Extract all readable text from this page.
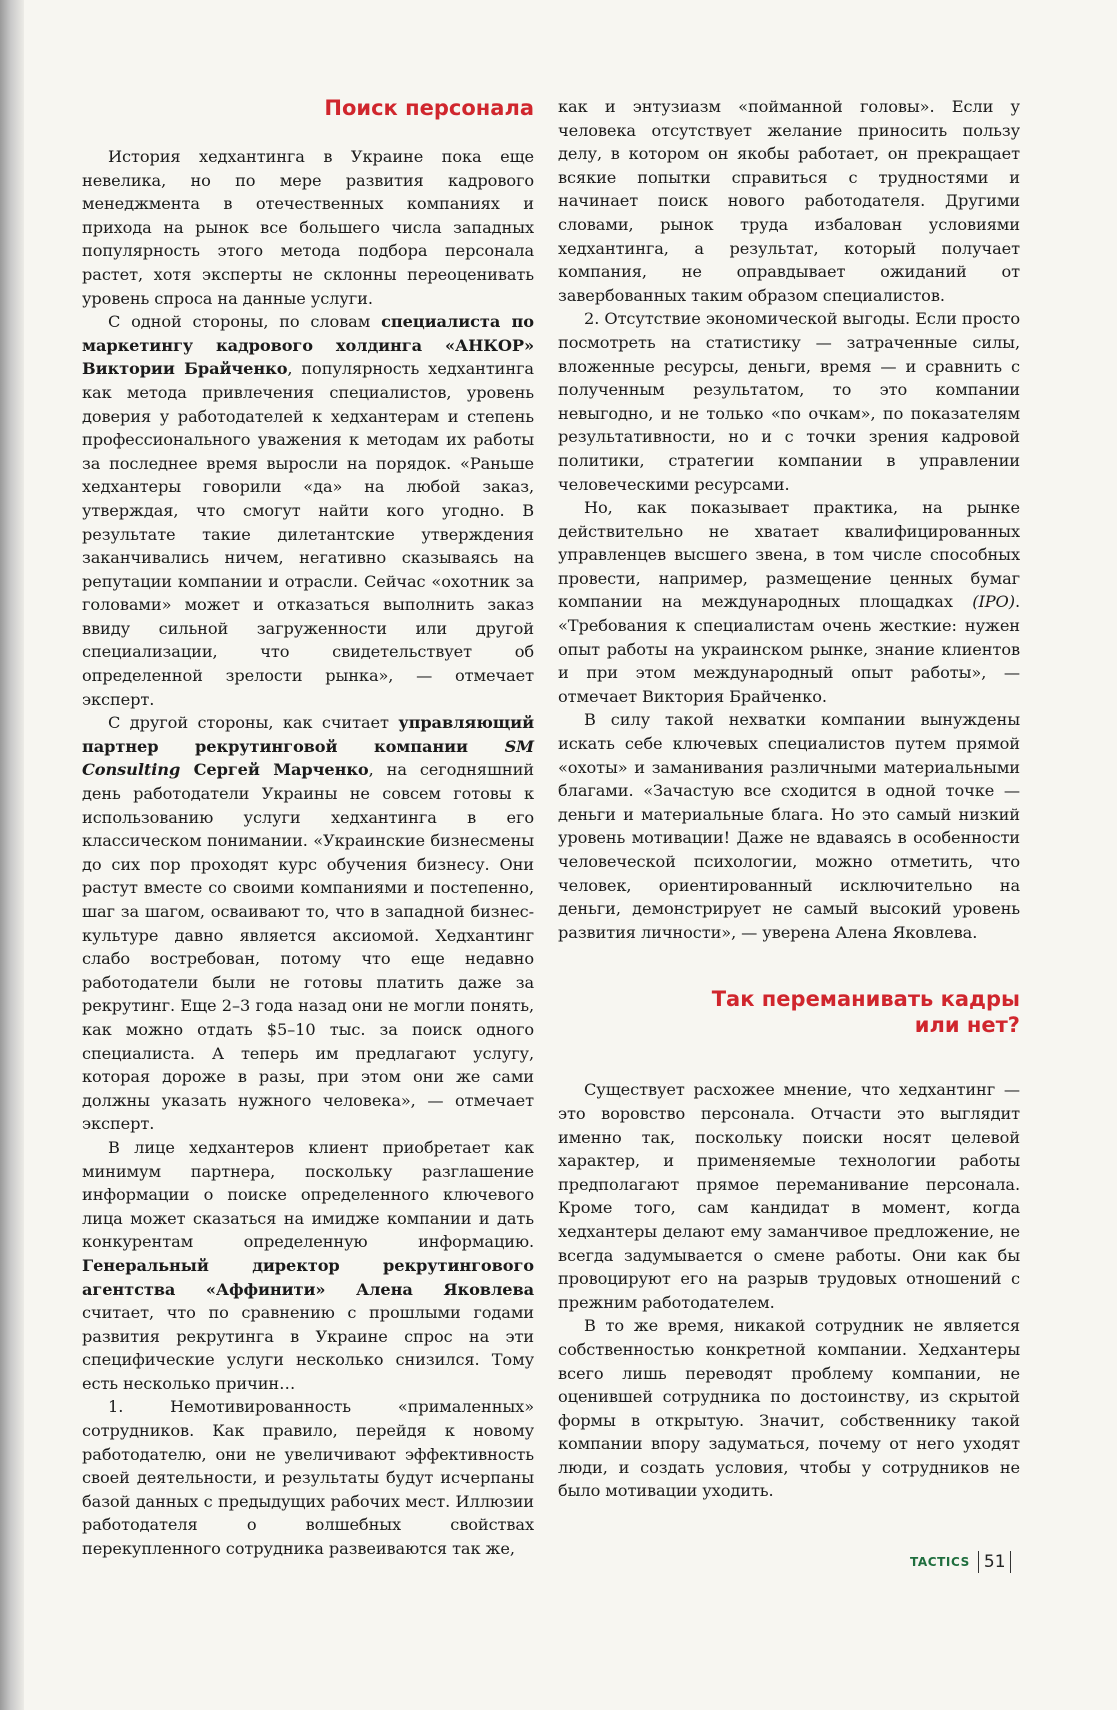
Поиск персонала

История хедхантинга в Украине пока еще невелика, но по мере развития кадрового менеджмента в отечественных компаниях и прихода на рынок все большего числа западных популярность этого метода подбора персонала растет, хотя эксперты не склонны переоценивать уровень спроса на данные услуги.

С одной стороны, по словам специалиста по маркетингу кадрового холдинга «АНКОР» Виктории Брайченко, популярность хедхантинга как метода привлечения специалистов, уровень доверия у работодателей к хедхантерам и степень профессионального уважения к методам их работы за последнее время выросли на порядок. «Раньше хедхантеры говорили «да» на любой заказ, утверждая, что смогут найти кого угодно. В результате такие дилетантские утверждения заканчивались ничем, негативно сказываясь на репутации компании и отрасли. Сейчас «охотник за головами» может и отказаться выполнить заказ ввиду сильной загруженности или другой специализации, что свидетельствует об определенной зрелости рынка», — отмечает эксперт.

С другой стороны, как считает управляющий партнер рекрутинговой компании SM Consulting Сергей Марченко, на сегодняшний день работодатели Украины не совсем готовы к использованию услуги хедхантинга в его классическом понимании. «Украинские бизнесмены до сих пор проходят курс обучения бизнесу. Они растут вместе со своими компаниями и постепенно, шаг за шагом, осваивают то, что в западной бизнес-культуре давно является аксиомой. Хедхантинг слабо востребован, потому что еще недавно работодатели были не готовы платить даже за рекрутинг. Еще 2–3 года назад они не могли понять, как можно отдать $5–10 тыс. за поиск одного специалиста. А теперь им предлагают услугу, которая дороже в разы, при этом они же сами должны указать нужного человека», — отмечает эксперт.

В лице хедхантеров клиент приобретает как минимум партнера, поскольку разглашение информации о поиске определенного ключевого лица может сказаться на имидже компании и дать конкурентам определенную информацию. Генеральный директор рекрутингового агентства «Аффинити» Алена Яковлева считает, что по сравнению с прошлыми годами развития рекрутинга в Украине спрос на эти специфические услуги несколько снизился. Тому есть несколько причин…

1. Немотивированность «прималенных» сотрудников. Как правило, перейдя к новому работодателю, они не увеличивают эффективность своей деятельности, и результаты будут исчерпаны базой данных с предыдущих рабочих мест. Иллюзии работодателя о волшебных свойствах перекупленного сотрудника развеиваются так же,

как и энтузиазм «пойманной головы». Если у человека отсутствует желание приносить пользу делу, в котором он якобы работает, он прекращает всякие попытки справиться с трудностями и начинает поиск нового работодателя. Другими словами, рынок труда избалован условиями хедхантинга, а результат, который получает компания, не оправдывает ожиданий от завербованных таким образом специалистов.

2. Отсутствие экономической выгоды. Если просто посмотреть на статистику — затраченные силы, вложенные ресурсы, деньги, время — и сравнить с полученным результатом, то это компании невыгодно, и не только «по очкам», по показателям результативности, но и с точки зрения кадровой политики, стратегии компании в управлении человеческими ресурсами.

Но, как показывает практика, на рынке действительно не хватает квалифицированных управленцев высшего звена, в том числе способных провести, например, размещение ценных бумаг компании на международных площадках (IPO). «Требования к специалистам очень жесткие: нужен опыт работы на украинском рынке, знание клиентов и при этом международный опыт работы», — отмечает Виктория Брайченко.

В силу такой нехватки компании вынуждены искать себе ключевых специалистов путем прямой «охоты» и заманивания различными материальными благами. «Зачастую все сходится в одной точке — деньги и материальные блага. Но это самый низкий уровень мотивации! Даже не вдаваясь в особенности человеческой психологии, можно отметить, что человек, ориентированный исключительно на деньги, демонстрирует не самый высокий уровень развития личности», — уверена Алена Яковлева.

Так переманивать кадры
или нет?

Существует расхожее мнение, что хедхантинг — это воровство персонала. Отчасти это выглядит именно так, поскольку поиски носят целевой характер, и применяемые технологии работы предполагают прямое переманивание персонала. Кроме того, сам кандидат в момент, когда хедхантеры делают ему заманчивое предложение, не всегда задумывается о смене работы. Они как бы провоцируют его на разрыв трудовых отношений с прежним работодателем.

В то же время, никакой сотрудник не является собственностью конкретной компании. Хедхантеры всего лишь переводят проблему компании, не оценившей сотрудника по достоинству, из скрытой формы в открытую. Значит, собственнику такой компании впору задуматься, почему от него уходят люди, и создать условия, чтобы у сотрудников не было мотивации уходить.

TACTICS 51
